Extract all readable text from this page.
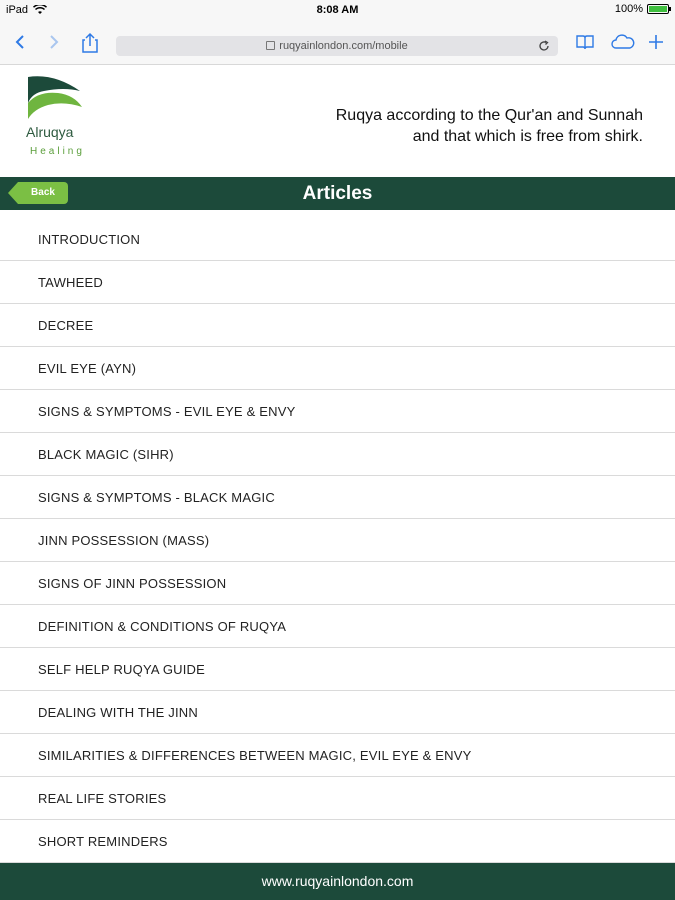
iPad	8:08 AM	100%
ruqyainlondon.com/mobile
Alruqya
Healing
Ruqya according to the Qur'an and Sunnah
and that which is free from shirk.
Back	Articles
INTRODUCTION
TAWHEED
DECREE
EVIL EYE (AYN)
SIGNS & SYMPTOMS - EVIL EYE & ENVY
BLACK MAGIC (SIHR)
SIGNS & SYMPTOMS - BLACK MAGIC
JINN POSSESSION (MASS)
SIGNS OF JINN POSSESSION
DEFINITION & CONDITIONS OF RUQYA
SELF HELP RUQYA GUIDE
DEALING WITH THE JINN
SIMILARITIES & DIFFERENCES BETWEEN MAGIC, EVIL EYE & ENVY
REAL LIFE STORIES
SHORT REMINDERS
www.ruqyainlondon.com
